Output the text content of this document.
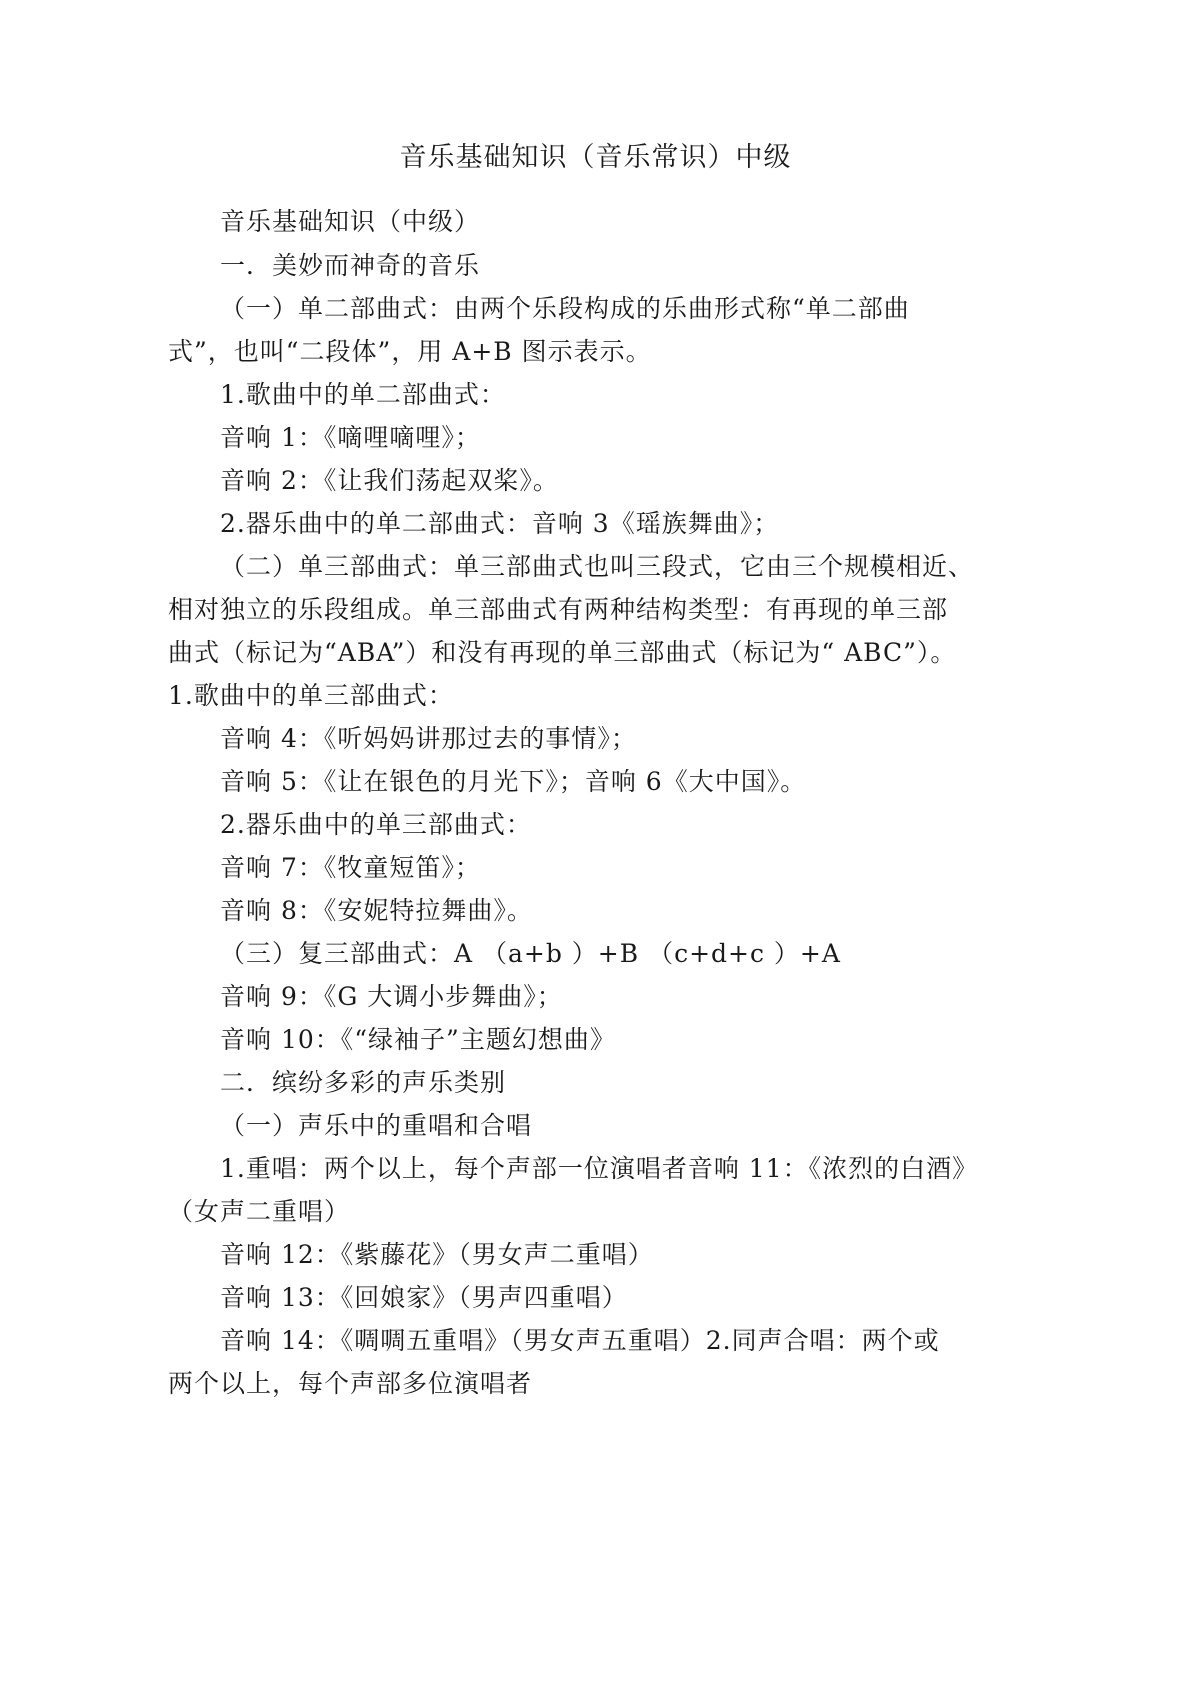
音乐基础知识（音乐常识）中级
音乐基础知识（中级）
一．美妙而神奇的音乐
（一）单二部曲式：由两个乐段构成的乐曲形式称“单二部曲
式”，也叫“二段体”，用 A+B 图示表示。
1.歌曲中的单二部曲式：
音响 1：《嘀哩嘀哩》；
音响 2：《让我们荡起双桨》。
2.器乐曲中的单二部曲式：音响 3《瑶族舞曲》；
（二）单三部曲式：单三部曲式也叫三段式，它由三个规模相近、
相对独立的乐段组成。单三部曲式有两种结构类型：有再现的单三部
曲式（标记为“ABA”）和没有再现的单三部曲式（标记为“ ABC”）。
1.歌曲中的单三部曲式：
音响 4：《听妈妈讲那过去的事情》；
音响 5：《让在银色的月光下》；音响 6《大中国》。
2.器乐曲中的单三部曲式：
音响 7：《牧童短笛》；
音响 8：《安妮特拉舞曲》。
（三）复三部曲式：A （a+b ）+B （c+d+c ）+A
音响 9：《G 大调小步舞曲》；
音响 10：《“绿袖子”主题幻想曲》
二．缤纷多彩的声乐类别
（一）声乐中的重唱和合唱
1.重唱：两个以上，每个声部一位演唱者音响 11：《浓烈的白酒》
（女声二重唱）
音响 12：《紫藤花》（男女声二重唱）
音响 13：《回娘家》（男声四重唱）
音响 14：《啁啁五重唱》（男女声五重唱）2.同声合唱：两个或
两个以上，每个声部多位演唱者
